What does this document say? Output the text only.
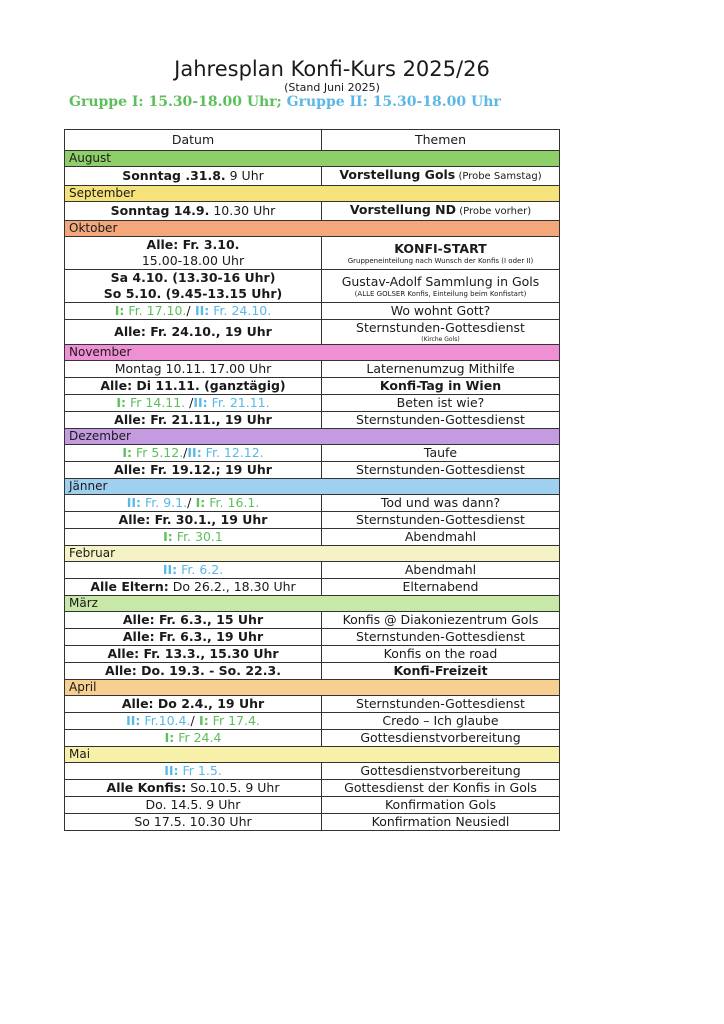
Jahresplan Konfi-Kurs 2025/26
(Stand Juni 2025)
Gruppe I: 15.30-18.00 Uhr; Gruppe II: 15.30-18.00 Uhr
Datum	Themen
August	
Sonntag .31.8. 9 Uhr	Vorstellung Gols (Probe Samstag)
September	
Sonntag 14.9. 10.30 Uhr	Vorstellung ND (Probe vorher)
Oktober	

Alle: Fr. 3.10.
15.00-18.00 Uhr	KONFI-START
Gruppeneinteilung nach Wunsch der Konfis (I oder II)

Sa 4.10. (13.30-16 Uhr)
So 5.10. (9.45-13.15 Uhr)	Gustav-Adolf Sammlung in Gols
(ALLE GOLSER Konfis, Einteilung beim Konfistart)

I: Fr. 17.10./ II: Fr. 24.10.	Wo wohnt Gott?
Alle: Fr. 24.10., 19 Uhr	Sternstunden-Gottesdienst
(Kirche Gols)

November	
Montag 10.11. 17.00 Uhr	Laternenumzug Mithilfe
Alle: Di 11.11. (ganztägig)	Konfi-Tag in Wien
I: Fr 14.11. /II: Fr. 21.11.	Beten ist wie?
Alle: Fr. 21.11., 19 Uhr	Sternstunden-Gottesdienst
Dezember	
I: Fr 5.12./II: Fr. 12.12.	Taufe
Alle: Fr. 19.12.; 19 Uhr	Sternstunden-Gottesdienst
Jänner	
II: Fr. 9.1./ I: Fr. 16.1.	Tod und was dann?
Alle: Fr. 30.1., 19 Uhr	Sternstunden-Gottesdienst
I: Fr. 30.1	Abendmahl
Februar	
II: Fr. 6.2.	Abendmahl
Alle Eltern: Do 26.2., 18.30 Uhr	Elternabend
März	
Alle: Fr. 6.3., 15 Uhr	Konfis @ Diakoniezentrum Gols
Alle: Fr. 6.3., 19 Uhr	Sternstunden-Gottesdienst
Alle: Fr. 13.3., 15.30 Uhr	Konfis on the road
Alle: Do. 19.3. - So. 22.3.	Konfi-Freizeit
April	
Alle: Do 2.4., 19 Uhr	Sternstunden-Gottesdienst
II: Fr.10.4./ I: Fr 17.4.	Credo – Ich glaube
I: Fr 24.4	Gottesdienstvorbereitung
Mai	
II: Fr 1.5.	Gottesdienstvorbereitung
Alle Konfis: So.10.5. 9 Uhr	Gottesdienst der Konfis in Gols
Do. 14.5. 9 Uhr	Konfirmation Gols
So 17.5. 10.30 Uhr	Konfirmation Neusiedl
